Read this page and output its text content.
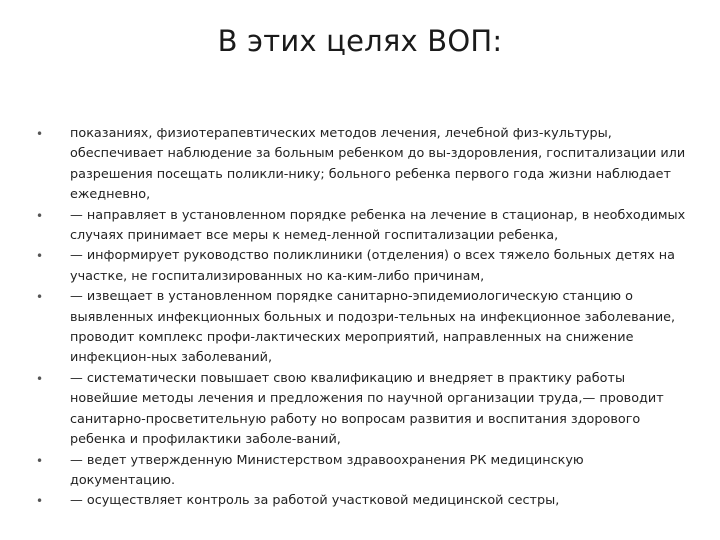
В этих целях ВОП:
• показаниях, физиотерапевтических методов лечения, лечебной физ-культуры, обеспечивает наблюдение за больным ребенком до вы-здоровления, госпитализации или разрешения посещать поликли-нику; больного ребенка первого года жизни наблюдает ежедневно,
• — направляет в установленном порядке ребенка на лечение в стационар, в необходимых случаях принимает все меры к немед-ленной госпитализации ребенка,
• — информирует руководство поликлиники (отделения) о всех тяжело больных детях на участке, не госпитализированных но ка-ким-либо причинам,
• — извещает в установленном порядке санитарно-эпидемиологическую станцию о выявленных инфекционных больных и подозри-тельных на инфекционное заболевание, проводит комплекс профи-лактических мероприятий, направленных на снижение инфекцион-ных заболеваний,
• — систематически повышает свою квалификацию и внедряет в практику работы новейшие методы лечения и предложения по научной организации труда,— проводит санитарно-просветительную работу но вопросам развития и воспитания здорового ребенка и профилактики заболе-ваний,
• — ведет утвержденную Министерством здравоохранения РК медицинскую документацию.
• — осуществляет контроль за работой участковой медицинской сестры,
